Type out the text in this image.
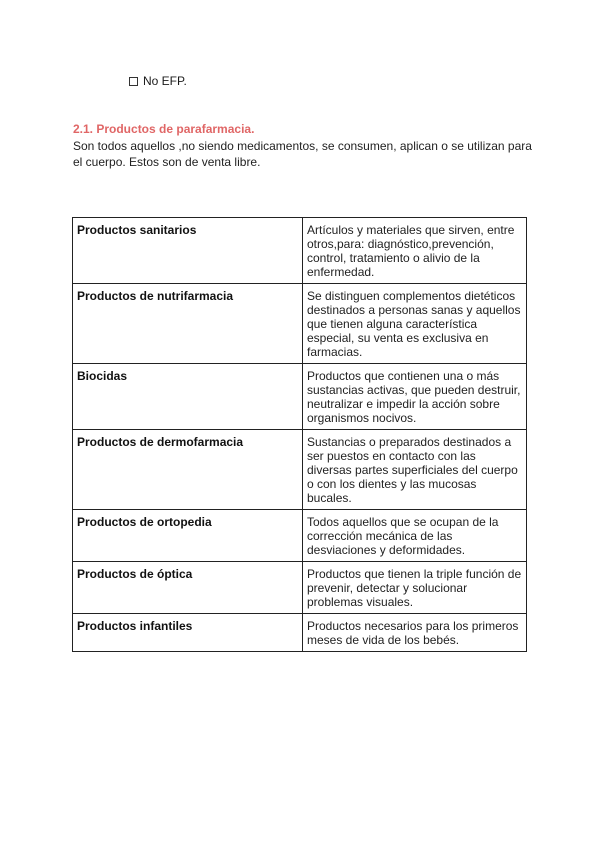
No EFP.
2.1. Productos de parafarmacia.
Son todos aquellos ,no siendo medicamentos, se consumen, aplican o se utilizan para el cuerpo. Estos son de venta libre.
Productos sanitarios	Artículos y materiales que sirven, entre otros,para: diagnóstico,prevención, control, tratamiento o alivio de la enfermedad.
Productos de nutrifarmacia	Se distinguen complementos dietéticos destinados a personas sanas y aquellos que tienen alguna característica especial, su venta es exclusiva en farmacias.
Biocidas	Productos que contienen una o más sustancias activas, que pueden destruir, neutralizar e impedir la acción sobre organismos nocivos.
Productos de dermofarmacia	Sustancias o preparados destinados a ser puestos en contacto con las diversas partes superficiales del cuerpo o con los dientes y las mucosas bucales.
Productos de ortopedia	Todos aquellos que se ocupan de la corrección mecánica de las desviaciones y deformidades.
Productos de óptica	Productos que tienen la triple función de prevenir, detectar y solucionar problemas visuales.
Productos infantiles	Productos necesarios para los primeros meses de vida de los bebés.
